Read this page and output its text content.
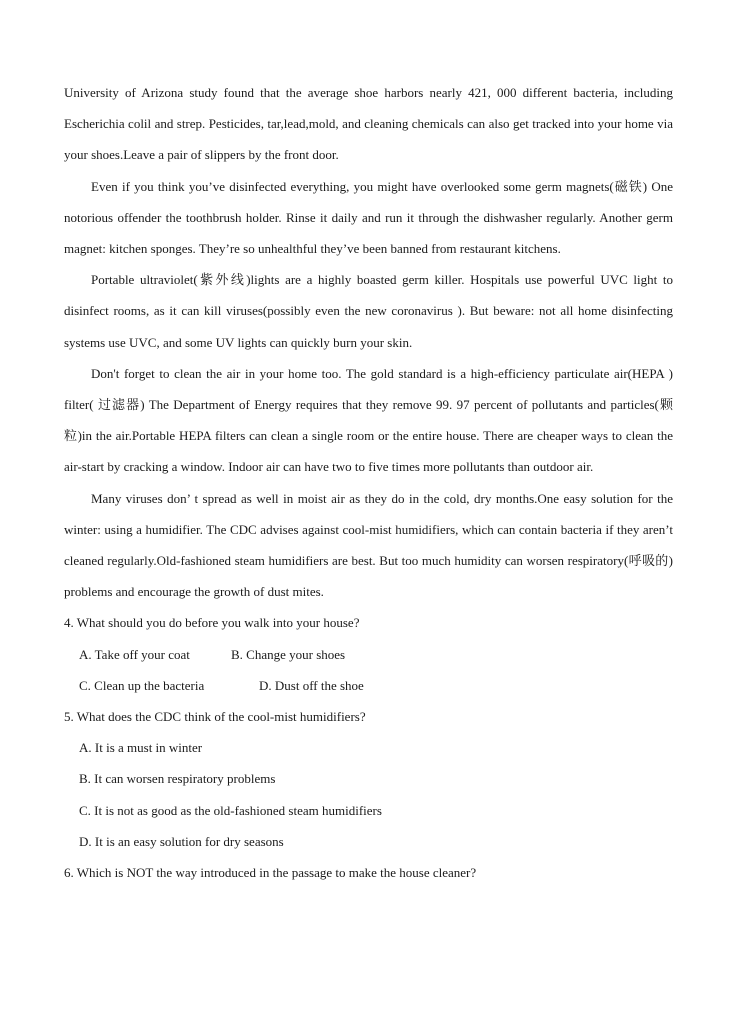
University of Arizona study found that the average shoe harbors nearly 421, 000 different bacteria, including Escherichia colil and strep. Pesticides, tar,lead,mold, and cleaning chemicals can also get tracked into your home via your shoes.Leave a pair of slippers by the front door.

Even if you think you’ve disinfected everything, you might have overlooked some germ magnets(磁铁) One notorious offender the toothbrush holder. Rinse it daily and run it through the dishwasher regularly. Another germ magnet: kitchen sponges. They’re so unhealthful they’ve been banned from restaurant kitchens.

Portable ultraviolet(紫外线)lights are a highly boasted germ killer. Hospitals use powerful UVC light to disinfect rooms, as it can kill viruses(possibly even the new coronavirus ). But beware: not all home disinfecting systems use UVC, and some UV lights can quickly burn your skin.

Don't forget to clean the air in your home too. The gold standard is a high-efficiency particulate air(HEPA ) filter( 过滤器) The Department of Energy requires that they remove 99. 97 percent of pollutants and particles(颗粒)in the air.Portable HEPA filters can clean a single room or the entire house. There are cheaper ways to clean the air-start by cracking a window. Indoor air can have two to five times more pollutants than outdoor air.

Many viruses don’ t spread as well in moist air as they do in the cold, dry months.One easy solution for the winter: using a humidifier. The CDC advises against cool-mist humidifiers, which can contain bacteria if they aren’t cleaned regularly.Old-fashioned steam humidifiers are best. But too much humidity can worsen respiratory(呼吸的) problems and encourage the growth of dust mites.

4. What should you do before you walk into your house?

A. Take off your coat	B. Change your shoes
C. Clean up the bacteria	D. Dust off the shoe

5. What does the CDC think of the cool-mist humidifiers?

A. It is a must in winter

B. It can worsen respiratory problems

C. It is not as good as the old-fashioned steam humidifiers

D. It is an easy solution for dry seasons

6. Which is NOT the way introduced in the passage to make the house cleaner?
